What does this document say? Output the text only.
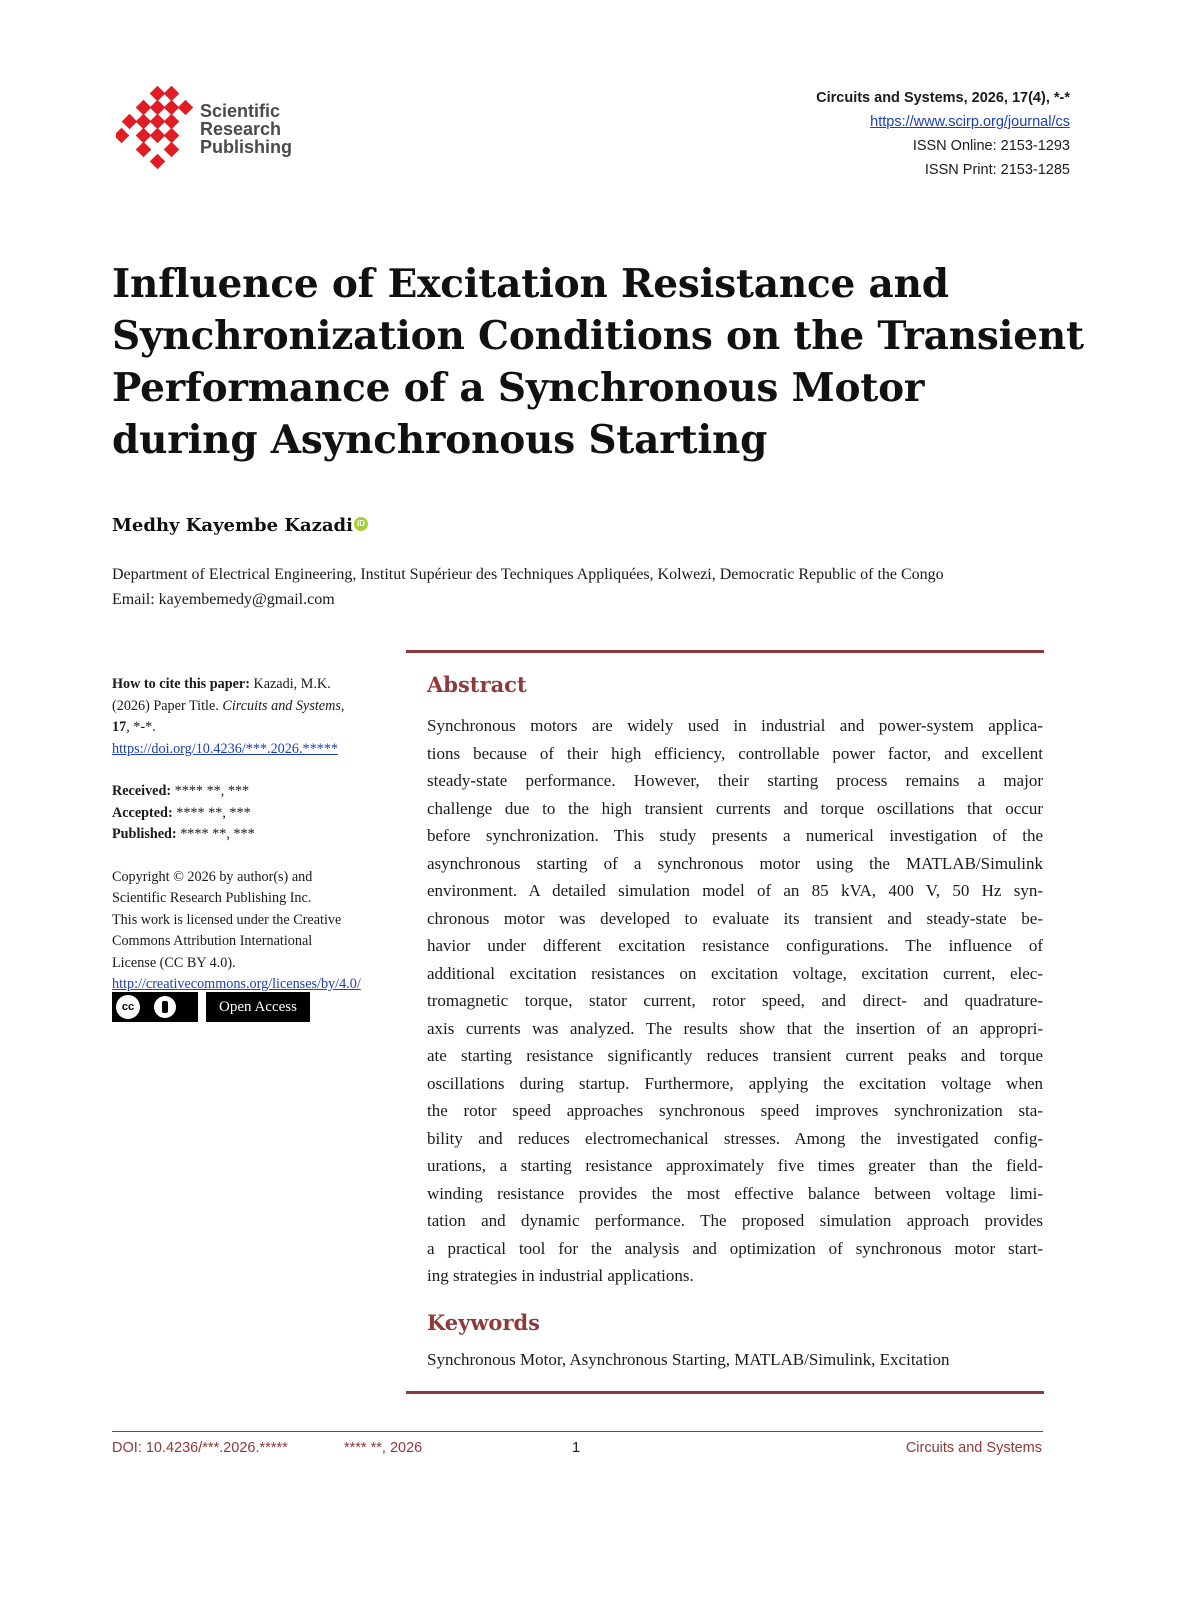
Scientific
Research
Publishing
Circuits and Systems, 2026, 17(4), *-*
https://www.scirp.org/journal/cs
ISSN Online: 2153-1293
ISSN Print: 2153-1285
Influence of Excitation Resistance and
Synchronization Conditions on the Transient
Performance of a Synchronous Motor
during Asynchronous Starting
Medhy Kayembe Kazadi iD
Department of Electrical Engineering, Institut Supérieur des Techniques Appliquées, Kolwezi, Democratic Republic of the Congo
Email: kayembemedy@gmail.com
How to cite this paper: Kazadi, M.K.
(2026) Paper Title. Circuits and Systems,
17, *-*.
https://doi.org/10.4236/***.2026.*****
Received: **** **, ***
Accepted: **** **, ***
Published: **** **, ***
Copyright © 2026 by author(s) and
Scientific Research Publishing Inc.
This work is licensed under the Creative
Commons Attribution International
License (CC BY 4.0).
http://creativecommons.org/licenses/by/4.0/
cc	Open Access
Abstract
Synchronous motors are widely used in industrial and power-system applica-
tions because of their high efficiency, controllable power factor, and excellent
steady-state performance. However, their starting process remains a major
challenge due to the high transient currents and torque oscillations that occur
before synchronization. This study presents a numerical investigation of the
asynchronous starting of a synchronous motor using the MATLAB/Simulink
environment. A detailed simulation model of an 85 kVA, 400 V, 50 Hz syn-
chronous motor was developed to evaluate its transient and steady-state be-
havior under different excitation resistance configurations. The influence of
additional excitation resistances on excitation voltage, excitation current, elec-
tromagnetic torque, stator current, rotor speed, and direct- and quadrature-
axis currents was analyzed. The results show that the insertion of an appropri-
ate starting resistance significantly reduces transient current peaks and torque
oscillations during startup. Furthermore, applying the excitation voltage when
the rotor speed approaches synchronous speed improves synchronization sta-
bility and reduces electromechanical stresses. Among the investigated config-
urations, a starting resistance approximately five times greater than the field-
winding resistance provides the most effective balance between voltage limi-
tation and dynamic performance. The proposed simulation approach provides
a practical tool for the analysis and optimization of synchronous motor start-
ing strategies in industrial applications.
Keywords
Synchronous Motor, Asynchronous Starting, MATLAB/Simulink, Excitation
DOI: 10.4236/***.2026.*****	**** **, 2026	1	Circuits and Systems
